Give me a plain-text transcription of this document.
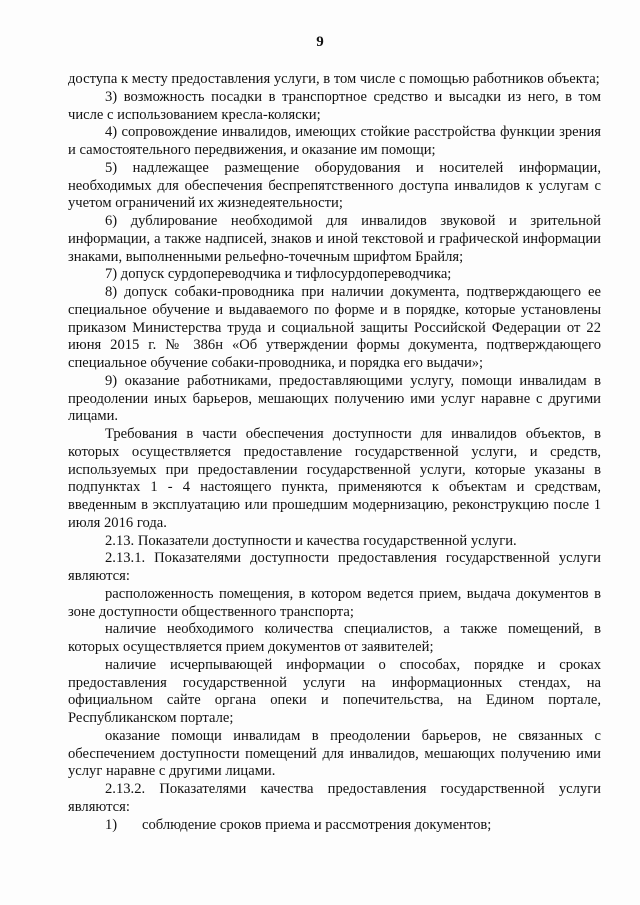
9

доступа к месту предоставления услуги, в том числе с помощью работников объекта;

3) возможность посадки в транспортное средство и высадки из него, в том числе с использованием кресла-коляски;

4) сопровождение инвалидов, имеющих стойкие расстройства функции зрения и самостоятельного передвижения, и оказание им помощи;

5) надлежащее размещение оборудования и носителей информации, необходимых для обеспечения беспрепятственного доступа инвалидов к услугам с учетом ограничений их жизнедеятельности;

6) дублирование необходимой для инвалидов звуковой и зрительной информации, а также надписей, знаков и иной текстовой и графической информации знаками, выполненными рельефно-точечным шрифтом Брайля;

7) допуск сурдопереводчика и тифлосурдопереводчика;

8) допуск собаки-проводника при наличии документа, подтверждающего ее специальное обучение и выдаваемого по форме и в порядке, которые установлены приказом Министерства труда и социальной защиты Российской Федерации от 22 июня 2015 г. № 386н «Об утверждении формы документа, подтверждающего специальное обучение собаки-проводника, и порядка его выдачи»;

9) оказание работниками, предоставляющими услугу, помощи инвалидам в преодолении иных барьеров, мешающих получению ими услуг наравне с другими лицами.

Требования в части обеспечения доступности для инвалидов объектов, в которых осуществляется предоставление государственной услуги, и средств, используемых при предоставлении государственной услуги, которые указаны в подпунктах 1 - 4 настоящего пункта, применяются к объектам и средствам, введенным в эксплуатацию или прошедшим модернизацию, реконструкцию после 1 июля 2016 года.

2.13. Показатели доступности и качества государственной услуги.

2.13.1. Показателями доступности предоставления государственной услуги являются:

расположенность помещения, в котором ведется прием, выдача документов в зоне доступности общественного транспорта;

наличие необходимого количества специалистов, а также помещений, в которых осуществляется прием документов от заявителей;

наличие исчерпывающей информации о способах, порядке и сроках предоставления государственной услуги на информационных стендах, на официальном сайте органа опеки и попечительства, на Едином портале, Республиканском портале;

оказание помощи инвалидам в преодолении барьеров, не связанных с обеспечением доступности помещений для инвалидов, мешающих получению ими услуг наравне с другими лицами.

2.13.2. Показателями качества предоставления государственной услуги являются:

1)	соблюдение сроков приема и рассмотрения документов;
